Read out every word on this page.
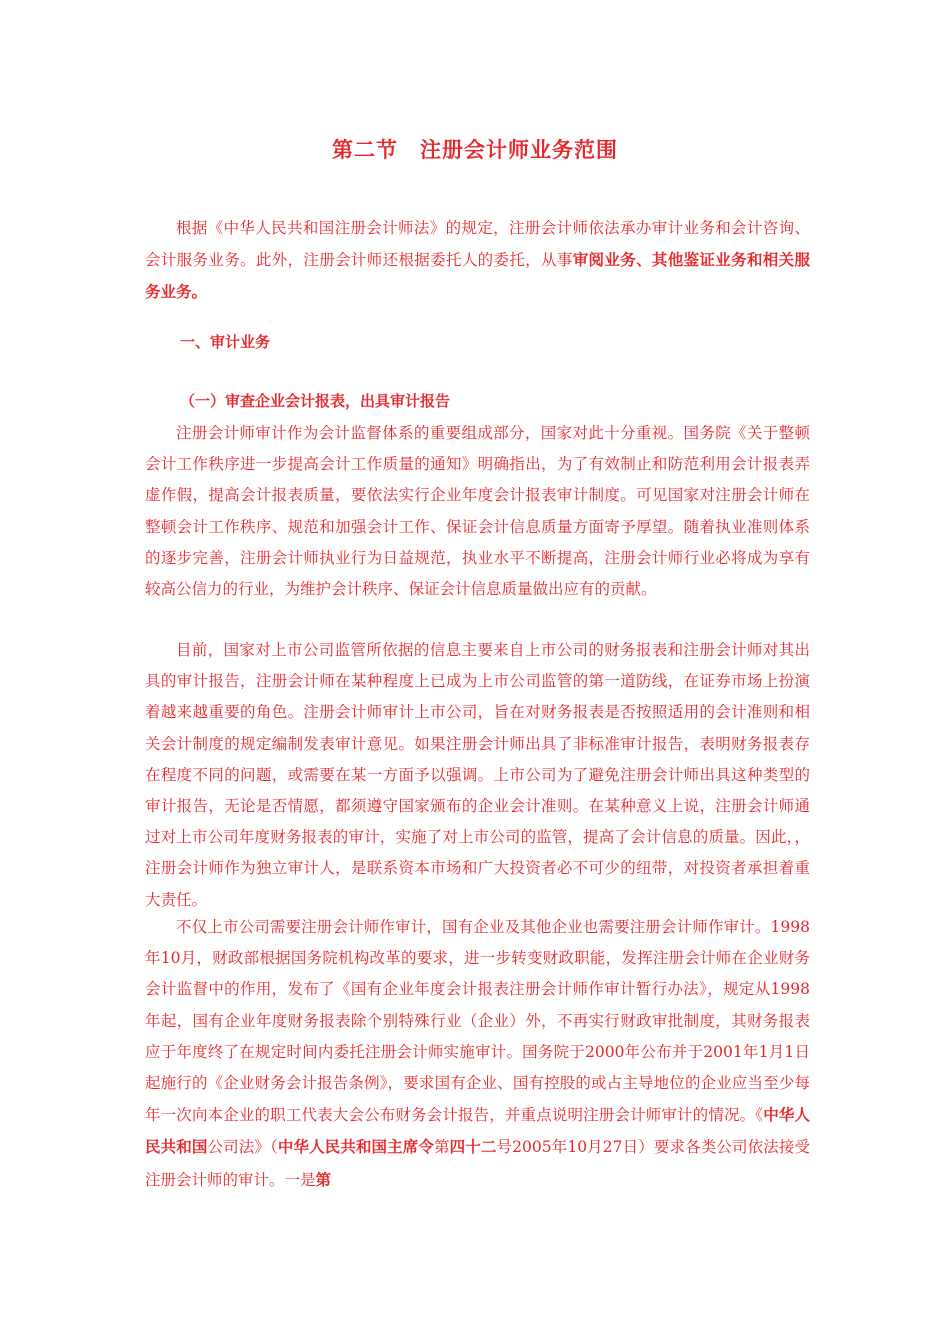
第二节　注册会计师业务范围
根据《中华人民共和国注册会计师法》的规定，注册会计师依法承办审计业务和会计咨询、会计服务业务。此外，注册会计师还根据委托人的委托，从事审阅业务、其他鉴证业务和相关服务业务。
一、审计业务
（一）审查企业会计报表，出具审计报告
注册会计师审计作为会计监督体系的重要组成部分，国家对此十分重视。国务院《关于整顿会计工作秩序进一步提高会计工作质量的通知》明确指出，为了有效制止和防范利用会计报表弄虚作假，提高会计报表质量，要依法实行企业年度会计报表审计制度。可见国家对注册会计师在整顿会计工作秩序、规范和加强会计工作、保证会计信息质量方面寄予厚望。随着执业准则体系的逐步完善，注册会计师执业行为日益规范，执业水平不断提高，注册会计师行业必将成为享有较高公信力的行业，为维护会计秩序、保证会计信息质量做出应有的贡献。
目前，国家对上市公司监管所依据的信息主要来自上市公司的财务报表和注册会计师对其出具的审计报告，注册会计师在某种程度上已成为上市公司监管的第一道防线，在证券市场上扮演着越来越重要的角色。注册会计师审计上市公司，旨在对财务报表是否按照适用的会计准则和相关会计制度的规定编制发表审计意见。如果注册会计师出具了非标准审计报告，表明财务报表存在程度不同的问题，或需要在某一方面予以强调。上市公司为了避免注册会计师出具这种类型的审计报告，无论是否情愿，都须遵守国家颁布的企业会计准则。在某种意义上说，注册会计师通过对上市公司年度财务报表的审计，实施了对上市公司的监管，提高了会计信息的质量。因此，，注册会计师作为独立审计人，是联系资本市场和广大投资者必不可少的纽带，对投资者承担着重大责任。
不仅上市公司需要注册会计师作审计，国有企业及其他企业也需要注册会计师作审计。1998年10月，财政部根据国务院机构改革的要求，进一步转变财政职能，发挥注册会计师在企业财务会计监督中的作用，发布了《国有企业年度会计报表注册会计师作审计暂行办法》，规定从1998年起，国有企业年度财务报表除个别特殊行业（企业）外，不再实行财政审批制度，其财务报表应于年度终了在规定时间内委托注册会计师实施审计。国务院于2000年公布并于2001年1月1日起施行的《企业财务会计报告条例》，要求国有企业、国有控股的或占主导地位的企业应当至少每年一次向本企业的职工代表大会公布财务会计报告，并重点说明注册会计师审计的情况。《中华人民共和国公司法》（中华人民共和国主席令第四十二号2005年10月27日）要求各类公司依法接受注册会计师的审计。一是第
